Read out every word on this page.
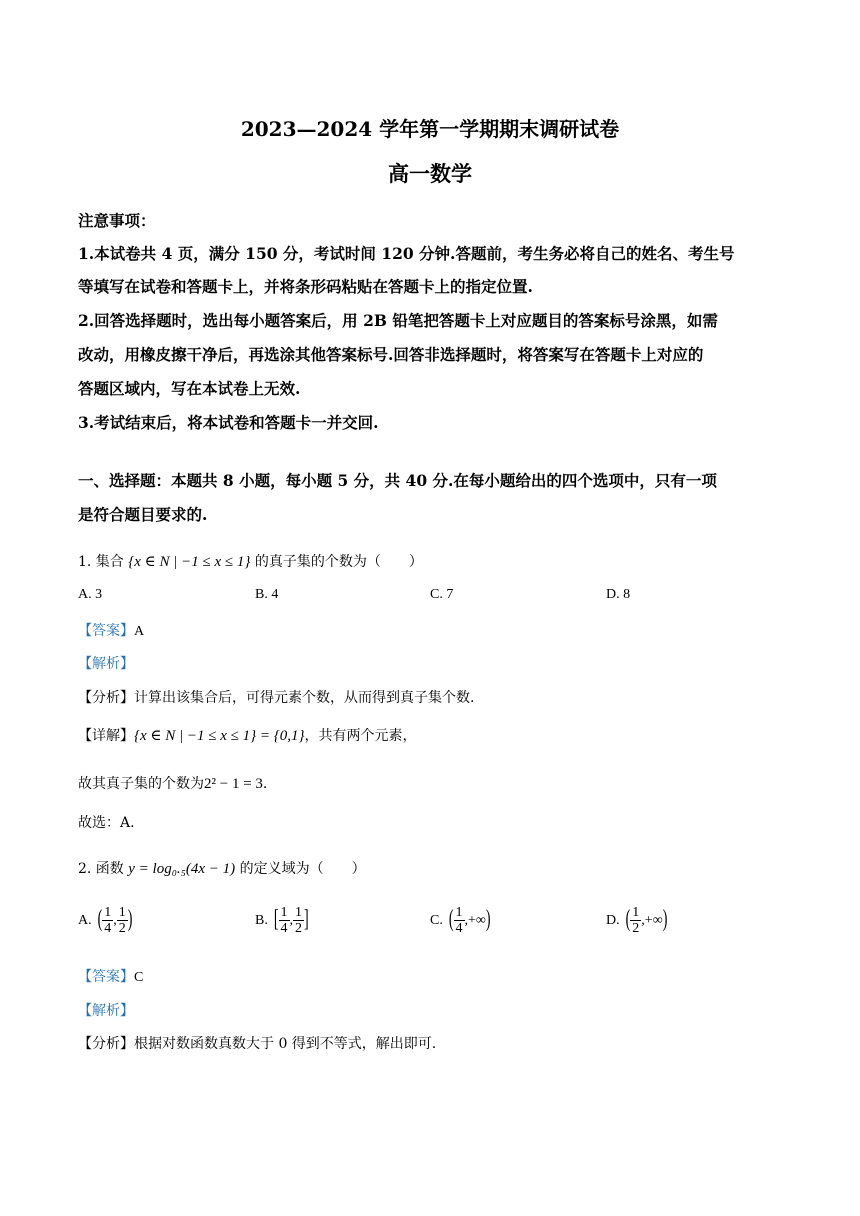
2023—2024 学年第一学期期末调研试卷
高一数学
注意事项：
1.本试卷共 4 页，满分 150 分，考试时间 120 分钟.答题前，考生务必将自己的姓名、考生号
等填写在试卷和答题卡上，并将条形码粘贴在答题卡上的指定位置.
2.回答选择题时，选出每小题答案后，用 2B 铅笔把答题卡上对应题目的答案标号涂黑，如需
改动，用橡皮擦干净后，再选涂其他答案标号.回答非选择题时，将答案写在答题卡上对应的
答题区域内，写在本试卷上无效.
3.考试结束后，将本试卷和答题卡一并交回.
一、选择题：本题共 8 小题，每小题 5 分，共 40 分.在每小题给出的四个选项中，只有一项
是符合题目要求的.
1. 集合 {x ∈ N | −1 ≤ x ≤ 1} 的真子集的个数为（　　）
A. 3	B. 4	C. 7	D. 8
【答案】A
【解析】
【分析】计算出该集合后，可得元素个数，从而得到真子集个数.
【详解】{x ∈ N | −1 ≤ x ≤ 1} = {0,1}，共有两个元素，
故其真子集的个数为2² − 1 = 3.
故选：A.
2. 函数 y = log₀.₅(4x − 1) 的定义域为（　　）
A. ( $\frac{1}{4}$ , $\frac{1}{2}$ )	B. [ $\frac{1}{4}$ , $\frac{1}{2}$ ]	C. ( $\frac{1}{4}$ , +∞ )	D. ( $\frac{1}{2}$ , +∞ )
【答案】C
【解析】
【分析】根据对数函数真数大于 0 得到不等式，解出即可.
